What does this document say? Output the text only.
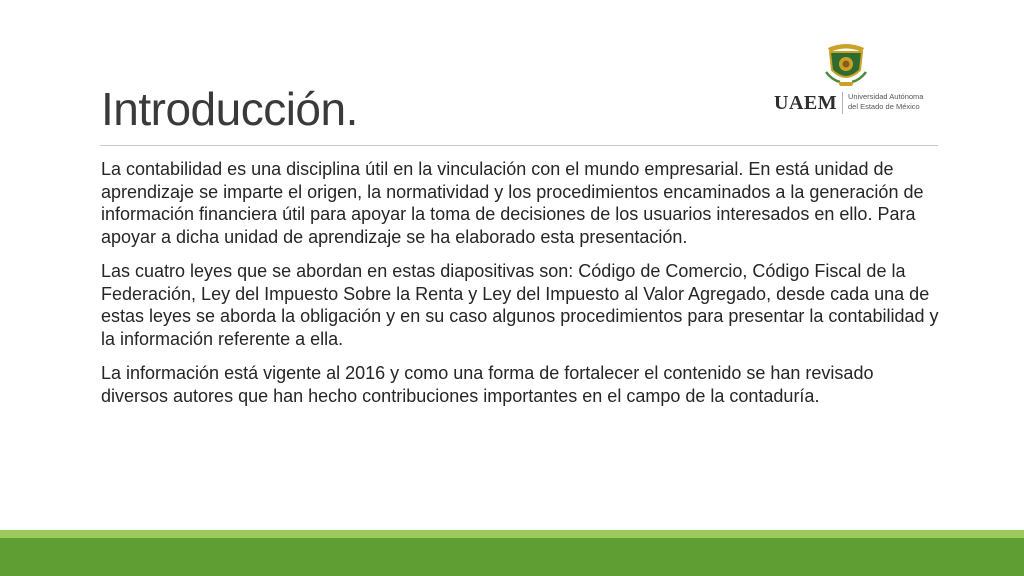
Introducción.	UAEM Universidad Autónoma
del Estado de México

La contabilidad es una disciplina útil en la vinculación con el mundo empresarial. En está unidad de aprendizaje se imparte el origen, la normatividad y los procedimientos encaminados a la generación de información financiera útil para apoyar la toma de decisiones de los usuarios interesados en ello. Para apoyar a dicha unidad de aprendizaje se ha elaborado esta presentación.

Las cuatro leyes que se abordan en estas diapositivas son: Código de Comercio, Código Fiscal de la Federación, Ley del Impuesto Sobre la Renta y Ley del Impuesto al Valor Agregado, desde cada una de estas leyes se aborda la obligación y en su caso algunos procedimientos para presentar la contabilidad y la información referente a ella.

La información está vigente al 2016 y como una forma de fortalecer el contenido se han revisado diversos autores que han hecho contribuciones importantes en el campo de la contaduría.
